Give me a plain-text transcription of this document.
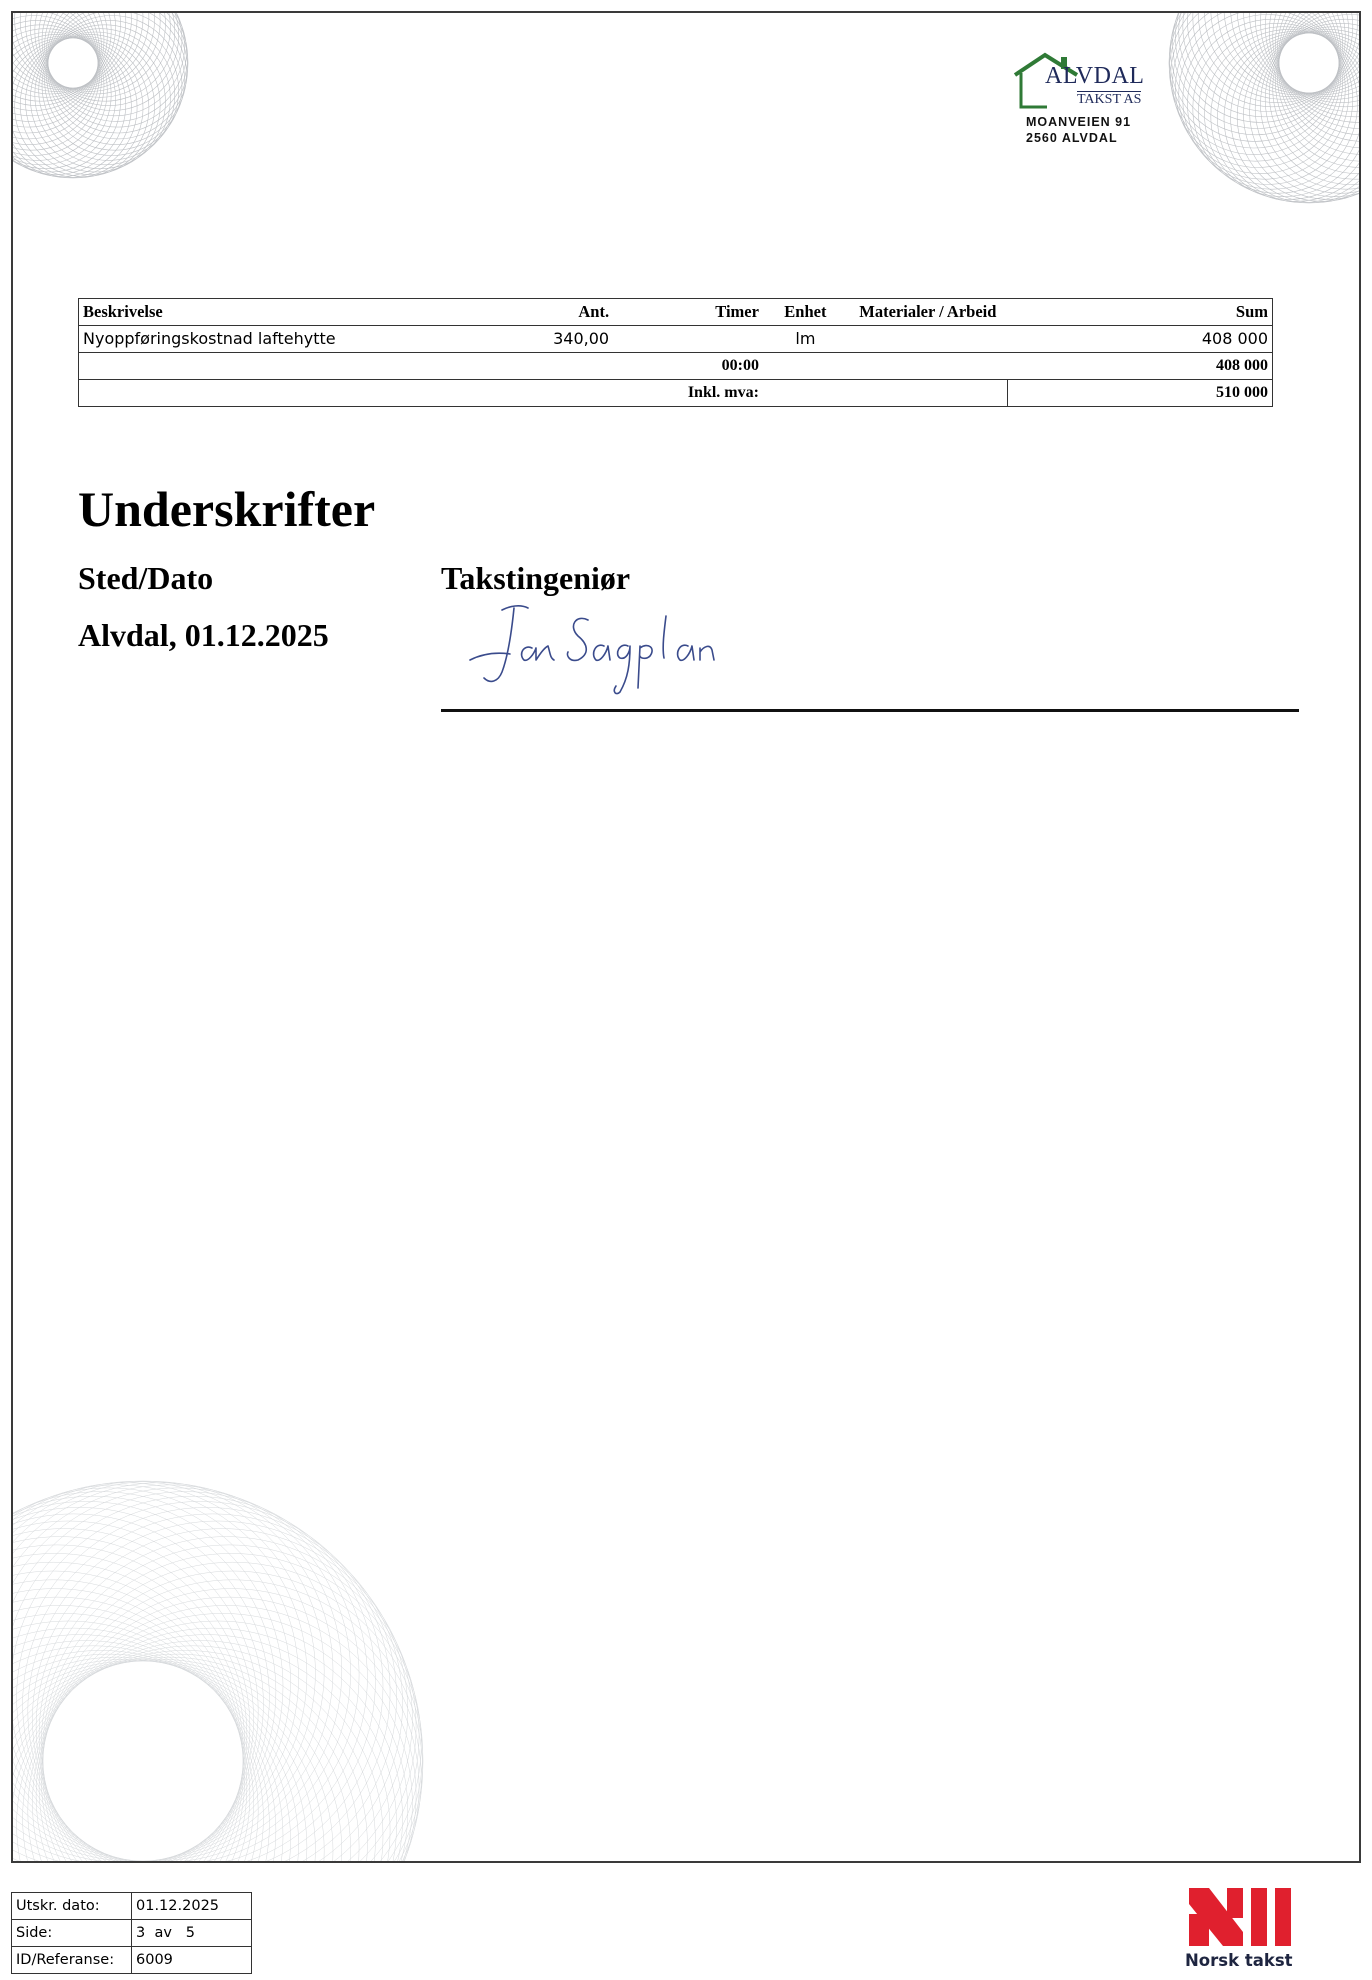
ALVDAL
TAKST AS
MOANVEIEN 91
2560 ALVDAL
Beskrivelse	Ant.	Timer	Enhet	Materialer / Arbeid	Sum
Nyoppføringskostnad laftehytte	340,00		lm		408 000
		00:00			408 000
		Inkl. mva:			510 000
Underskrifter
Sted/Dato	Takstingeniør
Alvdal, 01.12.2025
Utskr. dato:	01.12.2025
Side:	3  av   5
ID/Referanse:	6009	Norsk takst
